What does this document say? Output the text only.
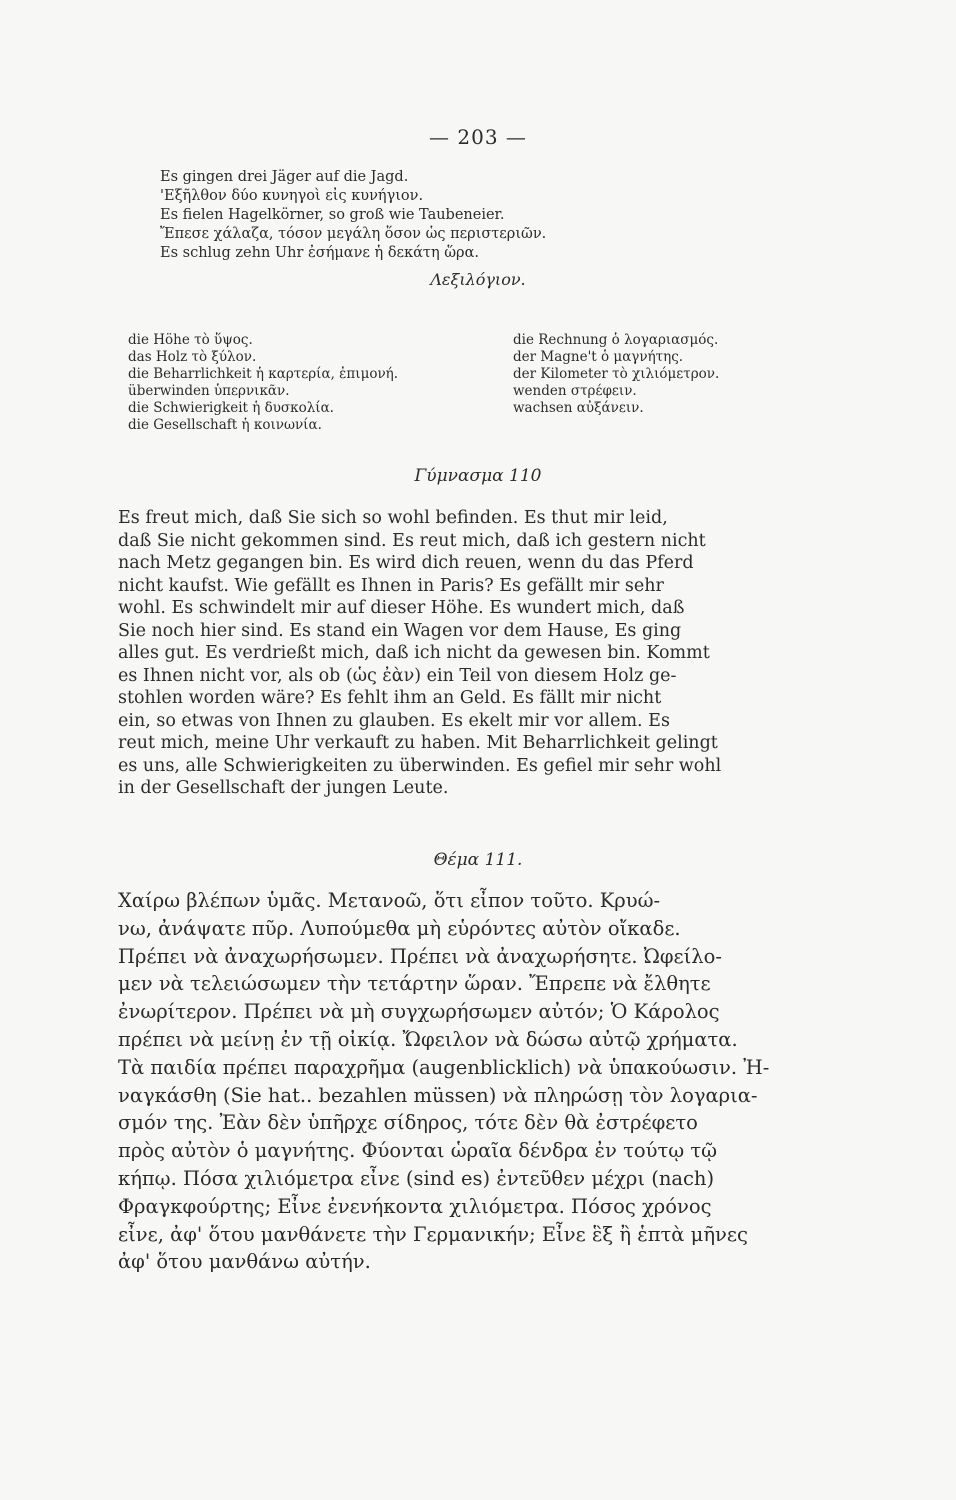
— 203 —
Es gingen drei Jäger auf die Jagd.
'Εξῆλθον δύο κυνηγοὶ εἰς κυνήγιον.
Es fielen Hagelkörner, so groß wie Taubeneier.
Ἔπεσε χάλαζα, τόσον μεγάλη ὅσον ὡς περιστεριῶν.
Es schlug zehn Uhr ἐσήμανε ἡ δεκάτη ὥρα.
Λεξιλόγιον.
die Höhe τὸ ὕψος.
das Holz τὸ ξύλον.
die Beharrlichkeit ἡ καρτερία, ἐπιμονή.
überwinden ὑπερνικᾶν.
die Schwierigkeit ἡ δυσκολία.
die Gesellschaft ἡ κοινωνία.
die Rechnung ὁ λογαριασμός.
der Magne't ὁ μαγνήτης.
der Kilometer τὸ χιλιόμετρον.
wenden στρέφειν.
wachsen αὐξάνειν.
Γύμνασμα 110
Es freut mich, daß Sie sich so wohl befinden. Es thut mir leid,
daß Sie nicht gekommen sind. Es reut mich, daß ich gestern nicht
nach Metz gegangen bin. Es wird dich reuen, wenn du das Pferd
nicht kaufst. Wie gefällt es Ihnen in Paris? Es gefällt mir sehr
wohl. Es schwindelt mir auf dieser Höhe. Es wundert mich, daß
Sie noch hier sind. Es stand ein Wagen vor dem Hause, Es ging
alles gut. Es verdrießt mich, daß ich nicht da gewesen bin. Kommt
es Ihnen nicht vor, als ob (ὡς ἐὰν) ein Teil von diesem Holz ge-
stohlen worden wäre? Es fehlt ihm an Geld. Es fällt mir nicht
ein, so etwas von Ihnen zu glauben. Es ekelt mir vor allem. Es
reut mich, meine Uhr verkauft zu haben. Mit Beharrlichkeit gelingt
es uns, alle Schwierigkeiten zu überwinden. Es gefiel mir sehr wohl
in der Gesellschaft der jungen Leute.
Θέμα 111.
Χαίρω βλέπων ὑμᾶς. Μετανοῶ, ὅτι εἶπον τοῦτο. Κρυώ-
νω, ἀνάψατε πῦρ. Λυπούμεθα μὴ εὑρόντες αὐτὸν οἴκαδε.
Πρέπει νὰ ἀναχωρήσωμεν. Πρέπει νὰ ἀναχωρήσητε. Ὠφείλο-
μεν νὰ τελειώσωμεν τὴν τετάρτην ὥραν. Ἔπρεπε νὰ ἔλθητε
ἐνωρίτερον. Πρέπει νὰ μὴ συγχωρήσωμεν αὐτόν; Ὁ Κάρολος
πρέπει νὰ μείνῃ ἐν τῇ οἰκίᾳ. Ὤφειλον νὰ δώσω αὐτῷ χρήματα.
Τὰ παιδία πρέπει παραχρῆμα (augenblicklich) νὰ ὑπακούωσιν. Ἠ-
ναγκάσθη (Sie hat.. bezahlen müssen) νὰ πληρώσῃ τὸν λογαρια-
σμόν της. Ἐὰν δὲν ὑπῆρχε σίδηρος, τότε δὲν θὰ ἐστρέφετο
πρὸς αὐτὸν ὁ μαγνήτης. Φύονται ὡραῖα δένδρα ἐν τούτῳ τῷ
κήπῳ. Πόσα χιλιόμετρα εἶνε (sind es) ἐντεῦθεν μέχρι (nach)
Φραγκφούρτης; Εἶνε ἐνενήκοντα χιλιόμετρα. Πόσος χρόνος
εἶνε, ἀφ' ὅτου μανθάνετε τὴν Γερμανικήν; Εἶνε ἓξ ἢ ἑπτὰ μῆνες
ἀφ' ὅτου μανθάνω αὐτήν.
